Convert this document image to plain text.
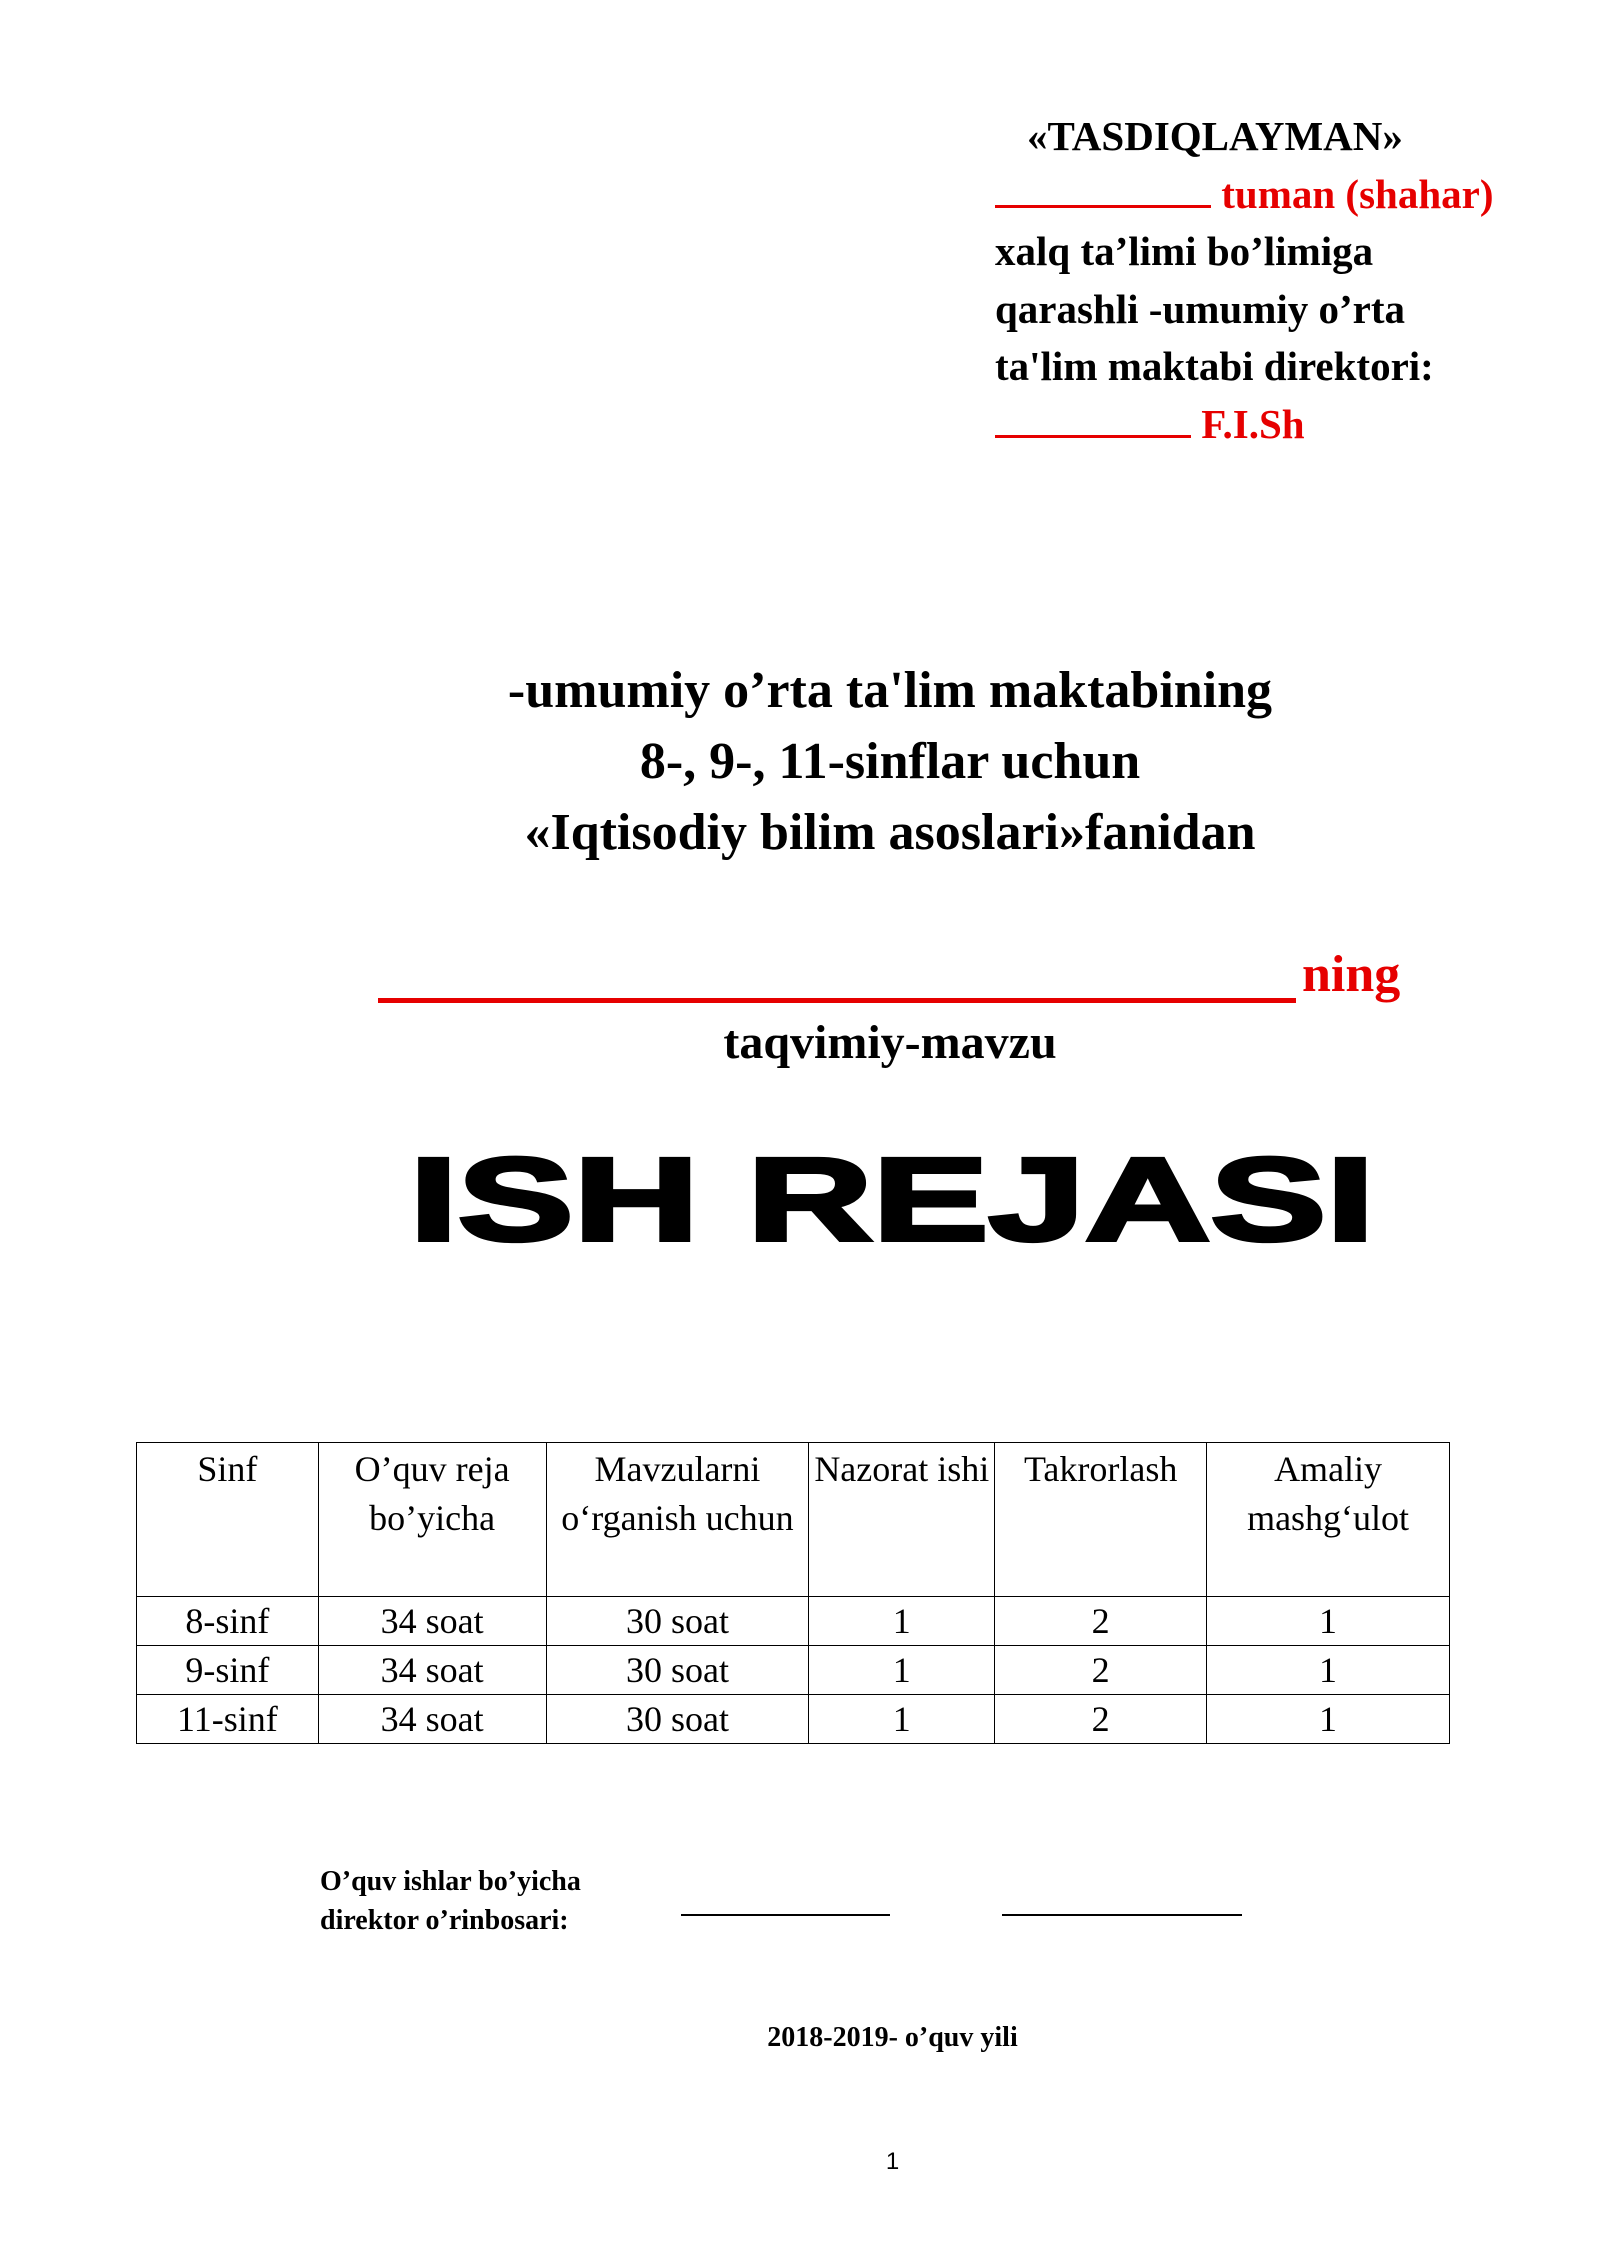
«TASDIQLAYMAN»
tuman (shahar)
xalq ta’limi bo’limiga
qarashli -umumiy o’rta
ta'lim maktabi direktori:
F.I.Sh
-umumiy o’rta ta'lim maktabining
8-, 9-, 11-sinflar uchun
«Iqtisodiy bilim asoslari»fanidan
ning
taqvimiy-mavzu
ISH REJASI
Sinf	O’quv reja bo’yicha	Mavzularni o‘rganish uchun	Nazorat ishi	Takrorlash	Amaliy mashg‘ulot
8-sinf	34 soat	30 soat	1	2	1
9-sinf	34 soat	30 soat	1	2	1
11-sinf	34 soat	30 soat	1	2	1
O’quv ishlar bo’yicha
direktor o’rinbosari:
2018-2019- o’quv yili
1
